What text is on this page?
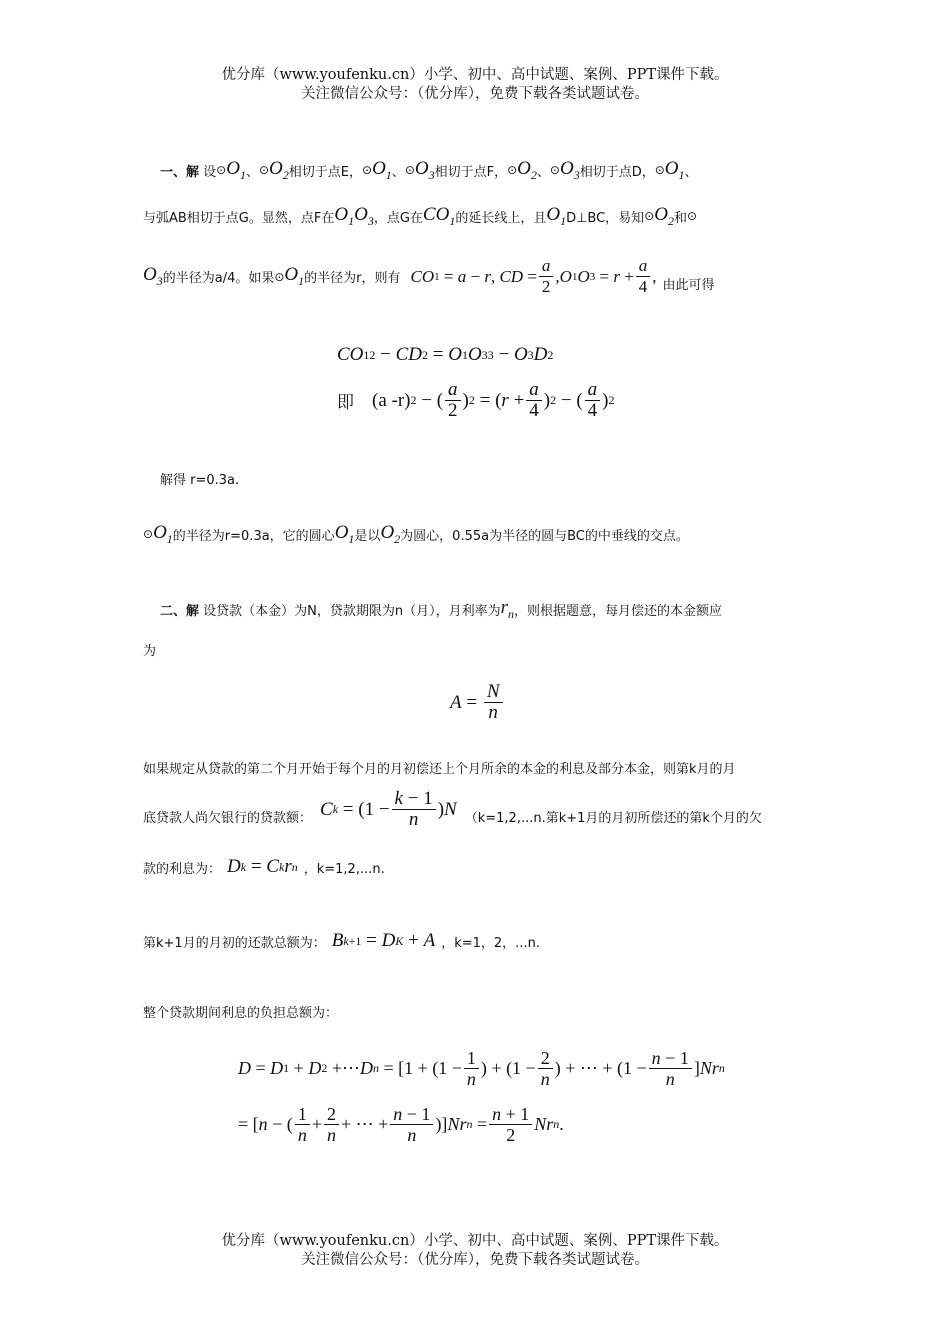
优分库（www.youfenku.cn）小学、初中、高中试题、案例、PPT课件下载。
关注微信公众号：（优分库），免费下载各类试题试卷。
一、解
设 ⊙ $O_1$ 、 ⊙ $O_2$ 相切于点E， ⊙ $O_1$ 、 ⊙ $O_3$ 相切于点F， ⊙ $O_2$ 、 ⊙ $O_3$ 相切于点D， ⊙ $O_1$ 、
与弧AB相切于点G。显然，点F在 $O_1O_3$ ，点G在 $CO_1$ 的延长线上，且 $O_1$ D⊥BC，易知 ⊙ $O_2$ 和 ⊙
$O_3$ 的半径为a/4。如果 ⊙ $O_1$ 的半径为r，则有 CO 1 = a − r , CD = $\frac{a}{2}$ , O 1 O $3 = r + \frac{a}{4}$ , 由此可得
CO 1 2 − CD 2 = O 1 O 3 3 − O 3 D 2
即 (a -r) 2 − ( $\frac{a}{2}$ ) 2 = ( $r + \frac{a}{4}$ ) 2 − ( $\frac{a}{4}$ ) 2
解得 r=0.3a.
⊙ $O_1$ 的半径为r=0.3a，它的圆心 $O_1$ 是以 $O_2$ 为圆心，0.55a为半径的圆与BC的中垂线的交点。
二、解
设贷款（本金）为N，贷款期限为n（月），月利率为 $r_n$ ，则根据题意，每月偿还的本金额应
为
$A = \frac{N}{n}$
如果规定从贷款的第二个月开始于每个月的月初偿还上个月所余的本金的利息及部分本金，则第k月的月
底贷款人尚欠银行的贷款额： C $k = (1 - \frac{k - 1}{n}$ ) N （k=1,2,...n.第k+1月的月初所偿还的第k个月的欠
款的利息为： D k = C k r n ，k=1,2,...n.
第k+1月的月初的还款总额为： B k+1 = D K + A ，k=1，2，...n.
整个贷款期间利息的负担总额为：
D = D 1 + D 2 +⋯ D $n = [1 + (1 - \frac{1}{n}$ ) + ($1 - \frac{2}{n}$ ) + ⋯ + ($1 - \frac{n - 1}{n}$ ] Nr n
= [ n − ( $\frac{1}{n} + \frac{2}{n}$ + ⋯ + $\frac{n - 1}{n}$ )] Nr $n = \frac{n + 1}{2}$ Nr n .
优分库（www.youfenku.cn）小学、初中、高中试题、案例、PPT课件下载。
关注微信公众号：（优分库），免费下载各类试题试卷。
